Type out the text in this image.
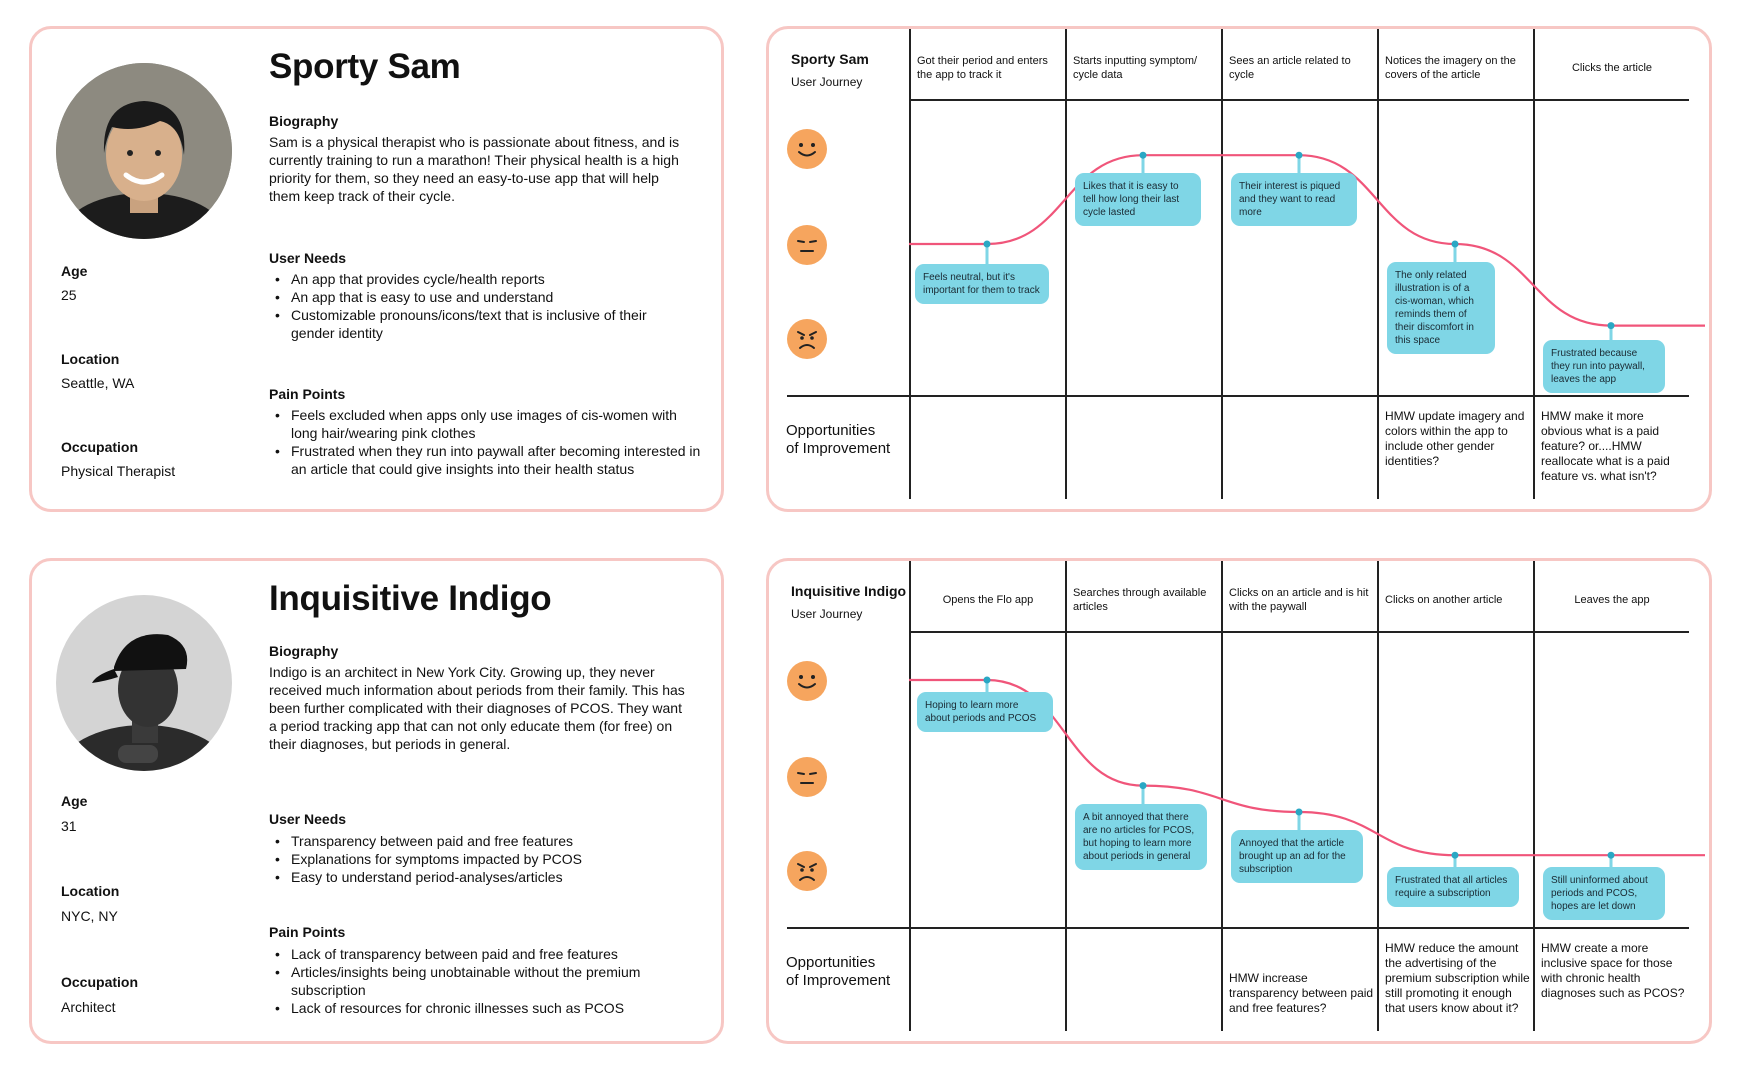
Sporty Sam
Biography
Sam is a physical therapist who is passionate about fitness, and is
currently training to run a marathon! Their physical health is a high
priority for them, so they need an easy-to-use app that will help
them keep track of their cycle.
User Needs
• An app that provides cycle/health reports
• An app that is easy to use and understand
• Customizable pronouns/icons/text that is inclusive of their gender identity
Pain Points
• Feels excluded when apps only use images of cis-women with long hair/wearing pink clothes
• Frustrated when they run into paywall after becoming interested in an article that could give insights into their health status
Age
25
Location
Seattle, WA
Occupation
Physical Therapist
Inquisitive Indigo
Biography
Indigo is an architect in New York City. Growing up, they never
received much information about periods from their family. This has
been further complicated with their diagnoses of PCOS. They want
a period tracking app that can not only educate them (for free) on
their diagnoses, but periods in general.
User Needs
• Transparency between paid and free features
• Explanations for symptoms impacted by PCOS
• Easy to understand period-analyses/articles
Pain Points
• Lack of transparency between paid and free features
• Articles/insights being unobtainable without the premium subscription
• Lack of resources for chronic illnesses such as PCOS
Age
31
Location
NYC, NY
Occupation
Architect
Sporty Sam
User Journey
Got their period and enters the app to track it
Starts inputting symptom/ cycle data
Sees an article related to cycle
Notices the imagery on the covers of the article
Clicks the article
Feels neutral, but it's important for them to track
Likes that it is easy to tell how long their last cycle lasted
Their interest is piqued and they want to read more
The only related illustration is of a cis-woman, which reminds them of their discomfort in this space
Frustrated because they run into paywall, leaves the app
Opportunities
of Improvement
HMW update imagery and colors within the app to include other gender identities?
HMW make it more obvious what is a paid feature? or....HMW reallocate what is a paid feature vs. what isn't?
Inquisitive Indigo
User Journey
Opens the Flo app
Searches through available articles
Clicks on an article and is hit with the paywall
Clicks on another article	Leaves the app
Hoping to learn more about periods and PCOS
A bit annoyed that there are no articles for PCOS, but hoping to learn more about periods in general
Annoyed that the article brought up an ad for the subscription
Frustrated that all articles require a subscription
Still uninformed about periods and PCOS, hopes are let down
Opportunities
of Improvement	HMW increase transparency between paid and free features?
HMW reduce the amount the advertising of the premium subscription while still promoting it enough that users know about it?
HMW create a more inclusive space for those with chronic health diagnoses such as PCOS?
